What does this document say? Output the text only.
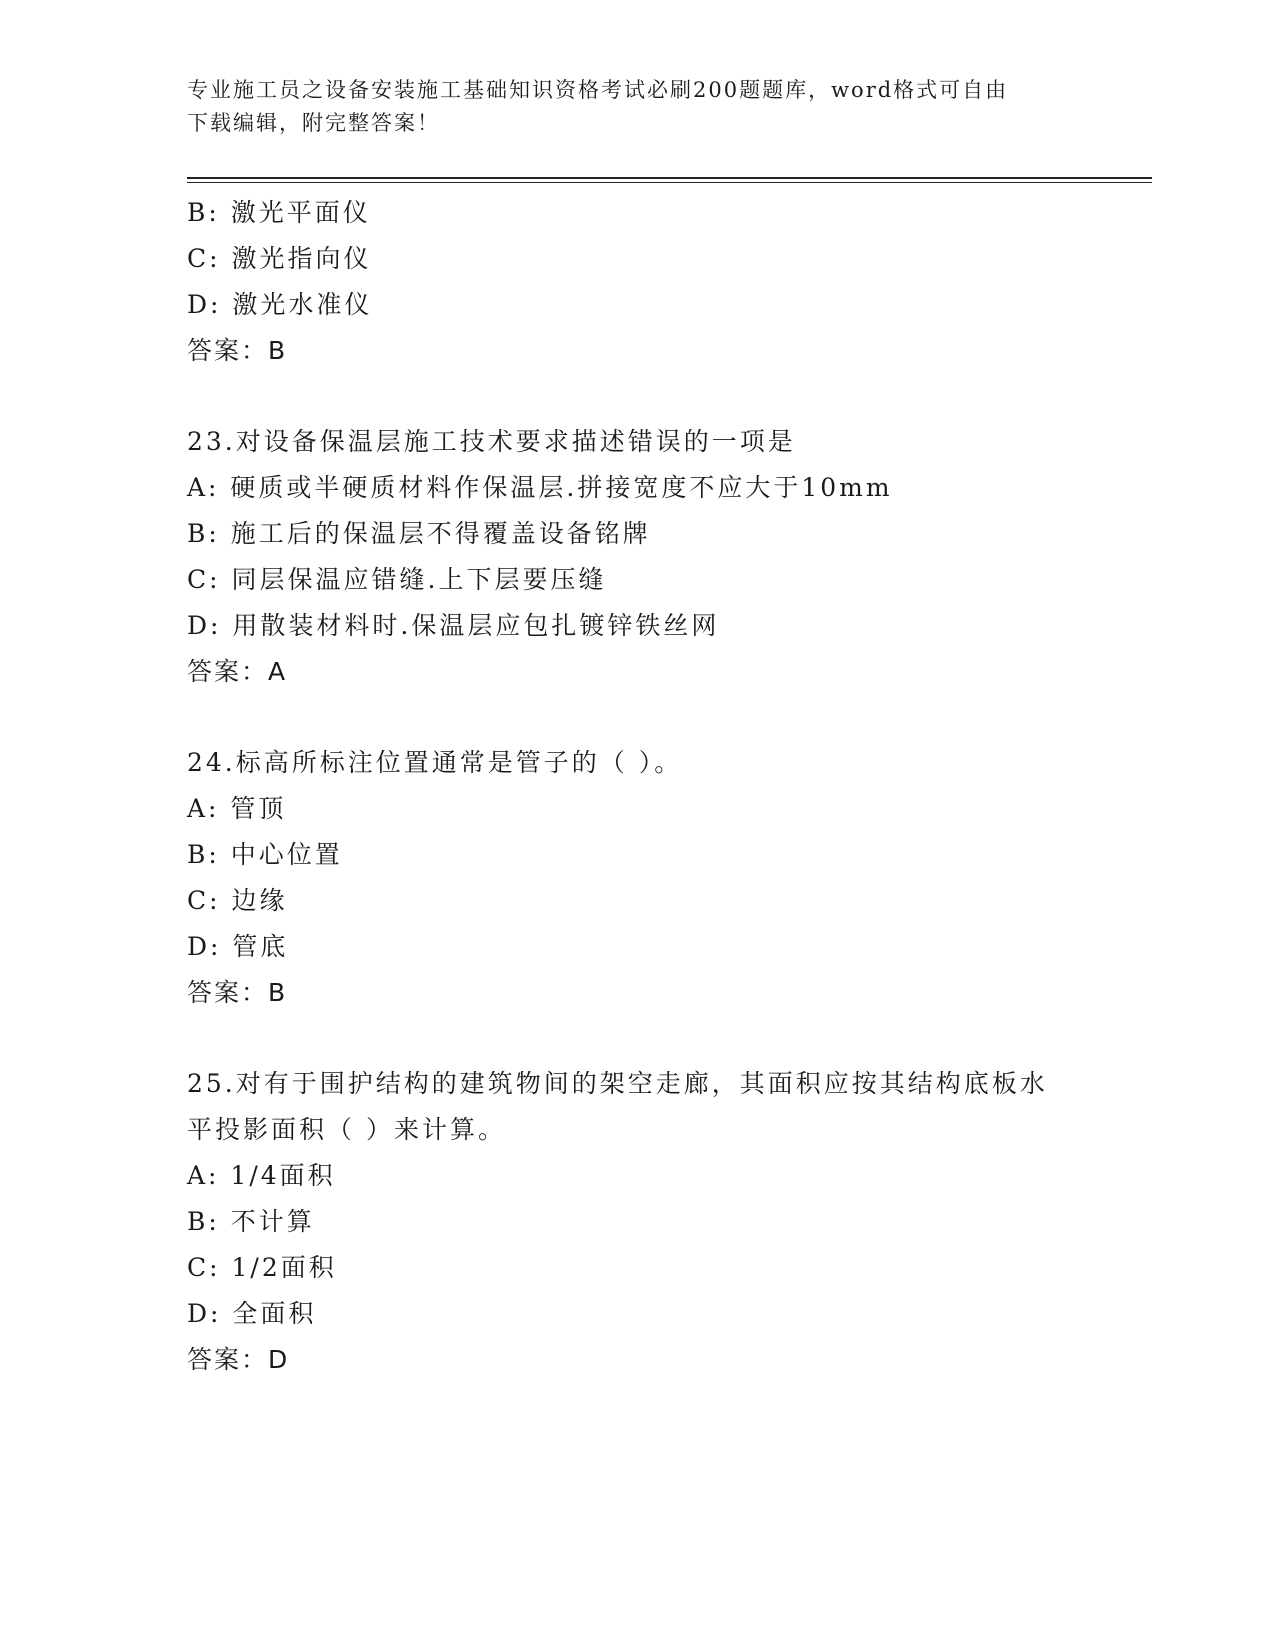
专业施工员之设备安装施工基础知识资格考试必刷200题题库，word格式可自由
下载编辑，附完整答案！
B: 激光平面仪
C: 激光指向仪
D: 激光水准仪
答案：B
23.对设备保温层施工技术要求描述错误的一项是
A: 硬质或半硬质材料作保温层.拼接宽度不应大于10mm
B: 施工后的保温层不得覆盖设备铭牌
C: 同层保温应错缝.上下层要压缝
D: 用散装材料时.保温层应包扎镀锌铁丝网
答案：A
24.标高所标注位置通常是管子的（ ）。
A: 管顶
B: 中心位置
C: 边缘
D: 管底
答案：B
25.对有于围护结构的建筑物间的架空走廊，其面积应按其结构底板水
平投影面积（ ）来计算。
A: 1/4面积
B: 不计算
C: 1/2面积
D: 全面积
答案：D
